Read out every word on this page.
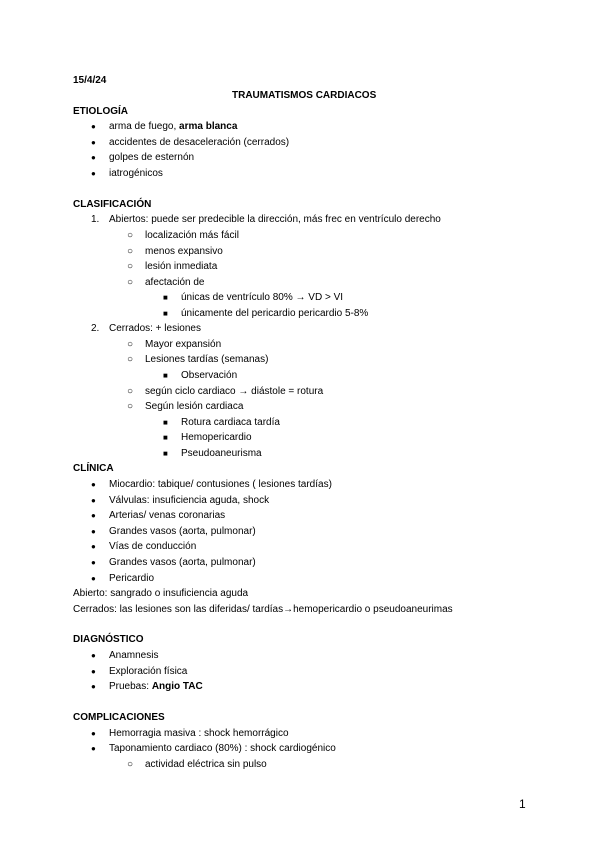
15/4/24
TRAUMATISMOS CARDIACOS
ETIOLOGÍA
● arma de fuego, arma blanca
● accidentes de desaceleración (cerrados)
● golpes de esternón
● iatrogénicos
CLASIFICACIÓN
1. Abiertos: puede ser predecible la dirección, más frec en ventrículo derecho
○ localización más fácil
○ menos expansivo
○ lesión inmediata
○ afectación de
■ únicas de ventrículo 80% → VD > VI
■ únicamente del pericardio pericardio 5-8%
2. Cerrados: + lesiones
○ Mayor expansión
○ Lesiones tardías (semanas)
■ Observación
○ según ciclo cardiaco → diástole = rotura
○ Según lesión cardiaca
■ Rotura cardiaca tardía
■ Hemopericardio
■ Pseudoaneurisma
CLÍNICA
● Miocardio: tabique/ contusiones ( lesiones tardías)
● Válvulas: insuficiencia aguda, shock
● Arterias/ venas coronarias
● Grandes vasos (aorta, pulmonar)
● Vías de conducción
● Grandes vasos (aorta, pulmonar)
● Pericardio
Abierto: sangrado o insuficiencia aguda
Cerrados: las lesiones son las diferidas/ tardías→hemopericardio o pseudoaneurimas
DIAGNÓSTICO
● Anamnesis
● Exploración física
● Pruebas: Angio TAC
COMPLICACIONES
● Hemorragia masiva : shock hemorrágico
● Taponamiento cardiaco (80%) : shock cardiogénico
○ actividad eléctrica sin pulso
1
